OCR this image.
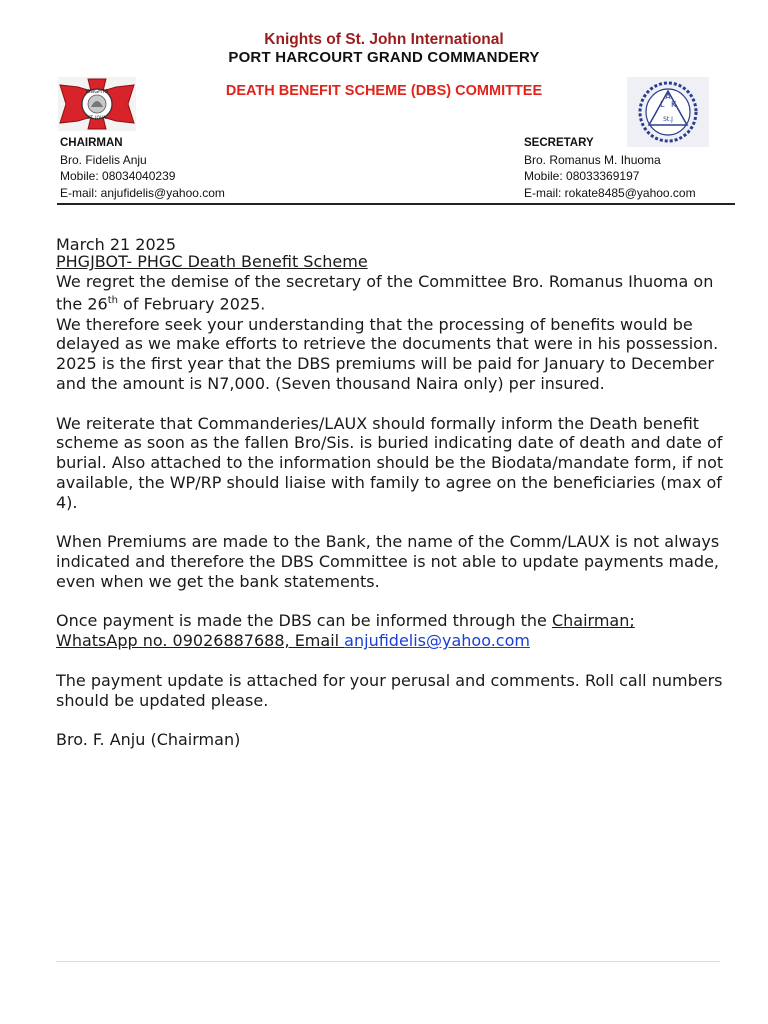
Knights of St. John International
PORT HARCOURT GRAND COMMANDERY
DEATH BENEFIT SCHEME (DBS) COMMITTEE
KNIGHTS
ST. JOHN
L
A
K
St.J
CHAIRMAN
Bro. Fidelis Anju
Mobile: 08034040239
E-mail: anjufidelis@yahoo.com
SECRETARY
Bro. Romanus M. Ihuoma
Mobile: 08033369197
E-mail: rokate8485@yahoo.com
March 21 2025

PHGJBOT- PHGC Death Benefit Scheme

We regret the demise of the secretary of the Committee Bro. Romanus Ihuoma on the 26th of February 2025.

We therefore seek your understanding that the processing of benefits would be delayed as we make efforts to retrieve the documents that were in his possession.

2025 is the first year that the DBS premiums will be paid for January to December and the amount is N7,000. (Seven thousand Naira only) per insured.

We reiterate that Commanderies/LAUX should formally inform the Death benefit scheme as soon as the fallen Bro/Sis. is buried indicating date of death and date of burial. Also attached to the information should be the Biodata/mandate form, if not available, the WP/RP should liaise with family to agree on the beneficiaries (max of 4).

When Premiums are made to the Bank, the name of the Comm/LAUX is not always indicated and therefore the DBS Committee is not able to update payments made, even when we get the bank statements.

Once payment is made the DBS can be informed through the Chairman;
WhatsApp no. 09026887688, Email anjufidelis@yahoo.com

The payment update is attached for your perusal and comments. Roll call numbers should be updated please.

Bro. F. Anju (Chairman)
